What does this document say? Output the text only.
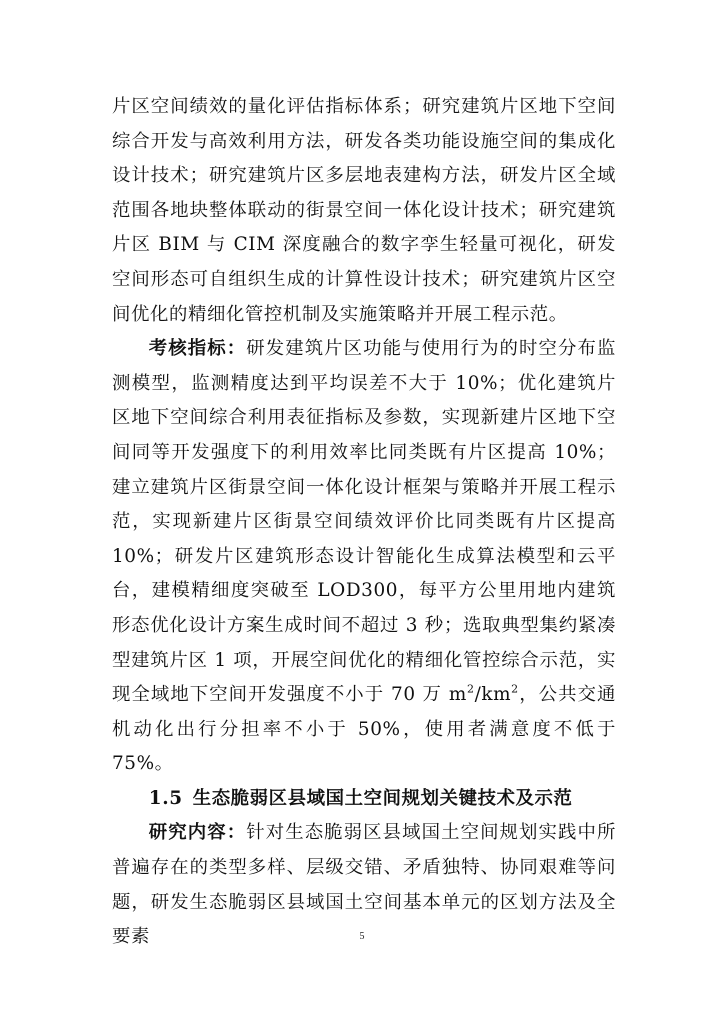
片区空间绩效的量化评估指标体系；研究建筑片区地下空间综合开发与高效利用方法，研发各类功能设施空间的集成化设计技术；研究建筑片区多层地表建构方法，研发片区全域范围各地块整体联动的街景空间一体化设计技术；研究建筑片区 BIM 与 CIM 深度融合的数字孪生轻量可视化，研发空间形态可自组织生成的计算性设计技术；研究建筑片区空间优化的精细化管控机制及实施策略并开展工程示范。

考核指标：研发建筑片区功能与使用行为的时空分布监测模型，监测精度达到平均误差不大于 10%；优化建筑片区地下空间综合利用表征指标及参数，实现新建片区地下空间同等开发强度下的利用效率比同类既有片区提高 10%；建立建筑片区街景空间一体化设计框架与策略并开展工程示范，实现新建片区街景空间绩效评价比同类既有片区提高 10%；研发片区建筑形态设计智能化生成算法模型和云平台，建模精细度突破至 LOD300，每平方公里用地内建筑形态优化设计方案生成时间不超过 3 秒；选取典型集约紧凑型建筑片区 1 项，开展空间优化的精细化管控综合示范，实现全域地下空间开发强度不小于 70 万 $m^2/km^2$，公共交通机动化出行分担率不小于 50%，使用者满意度不低于 75%。

1.5 生态脆弱区县域国土空间规划关键技术及示范

研究内容：针对生态脆弱区县域国土空间规划实践中所普遍存在的类型多样、层级交错、矛盾独特、协同艰难等问题，研发生态脆弱区县域国土空间基本单元的区划方法及全要素	5
